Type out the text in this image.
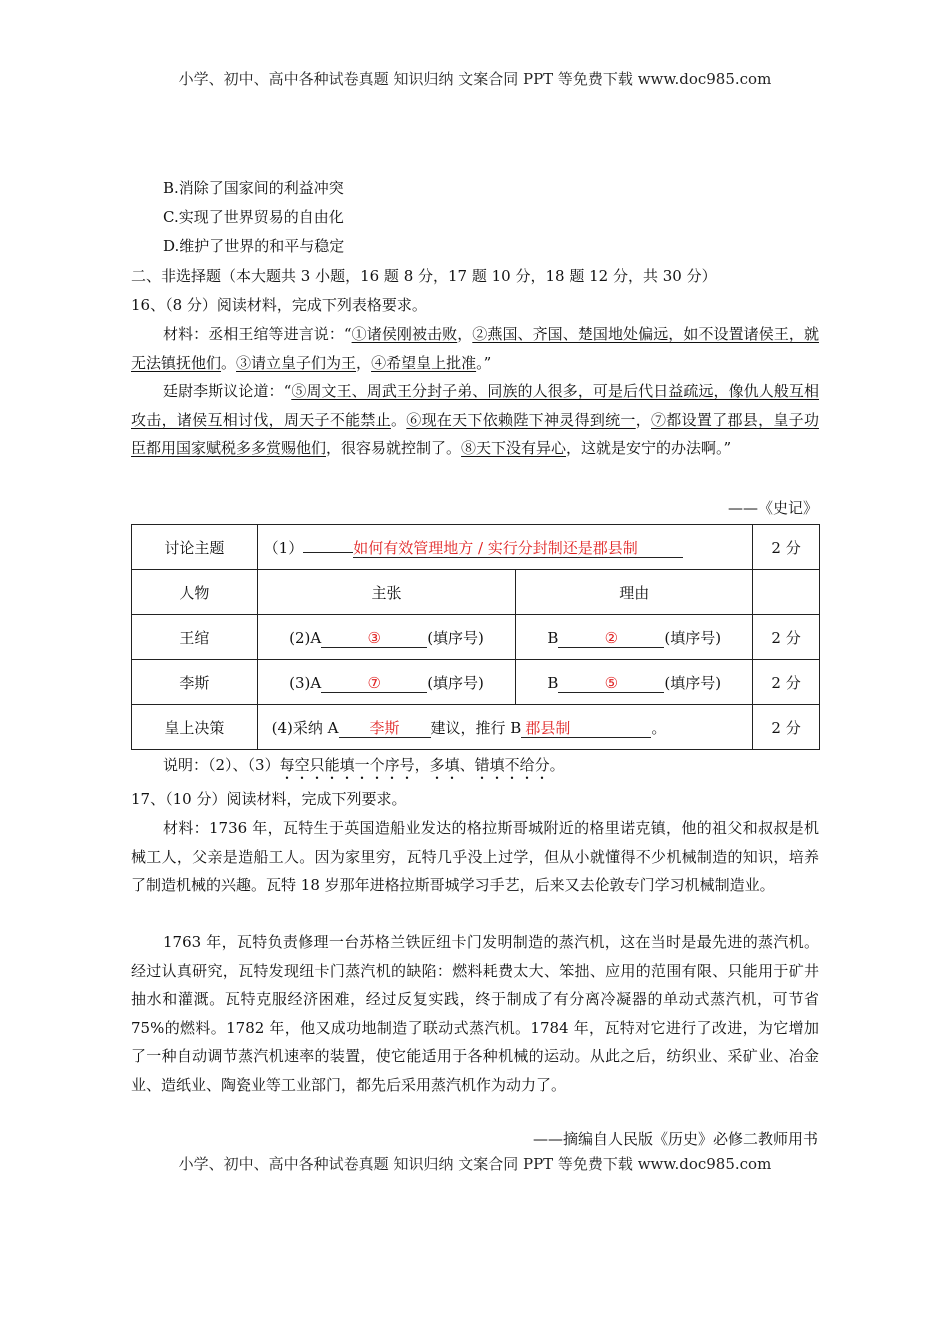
小学、初中、高中各种试卷真题 知识归纳 文案合同 PPT 等免费下载 www.doc985.com
B.消除了国家间的利益冲突
C.实现了世界贸易的自由化
D.维护了世界的和平与稳定
二、非选择题（本大题共 3 小题，16 题 8 分，17 题 10 分，18 题 12 分，共 30 分）
16、（8 分）阅读材料，完成下列表格要求。
材料：丞相王绾等进言说：“①诸侯刚被击败，②燕国、齐国、楚国地处偏远，如不设置诸侯王，就无法镇抚他们。③请立皇子们为王，④希望皇上批准。”
廷尉李斯议论道：“⑤周文王、周武王分封子弟、同族的人很多，可是后代日益疏远，像仇人般互相攻击，诸侯互相讨伐，周天子不能禁止。⑥现在天下依赖陛下神灵得到统一，⑦都设置了郡县，皇子功臣都用国家赋税多多赏赐他们，很容易就控制了。⑧天下没有异心，这就是安宁的办法啊。”
——《史记》
讨论主题	（1） 如何有效管理地方 / 实行分封制还是郡县制		2 分
人物	主张	理由	
王绾	(2)A ③ (填序号)	B ② (填序号)	2 分
李斯	(3)A ⑦ (填序号)	B ⑤ (填序号)	2 分
皇上决策	(4)采纳 A 李斯 建议，推行 B 郡县制 。		2 分
说明：（2）、（3）每空只能填一个序号，多填、错填不给分。
17、（10 分）阅读材料，完成下列要求。
材料：1736 年，瓦特生于英国造船业发达的格拉斯哥城附近的格里诺克镇，他的祖父和叔叔是机械工人，父亲是造船工人。因为家里穷，瓦特几乎没上过学，但从小就懂得不少机械制造的知识，培养了制造机械的兴趣。瓦特 18 岁那年进格拉斯哥城学习手艺，后来又去伦敦专门学习机械制造业。
1763 年，瓦特负责修理一台苏格兰铁匠纽卡门发明制造的蒸汽机，这在当时是最先进的蒸汽机。经过认真研究，瓦特发现纽卡门蒸汽机的缺陷：燃料耗费太大、笨拙、应用的范围有限、只能用于矿井抽水和灌溉。瓦特克服经济困难，经过反复实践，终于制成了有分离冷凝器的单动式蒸汽机，可节省 75%的燃料。1782 年，他又成功地制造了联动式蒸汽机。1784 年，瓦特对它进行了改进，为它增加了一种自动调节蒸汽机速率的装置，使它能适用于各种机械的运动。从此之后，纺织业、采矿业、冶金业、造纸业、陶瓷业等工业部门，都先后采用蒸汽机作为动力了。
——摘编自人民版《历史》必修二教师用书
小学、初中、高中各种试卷真题 知识归纳 文案合同 PPT 等免费下载 www.doc985.com
